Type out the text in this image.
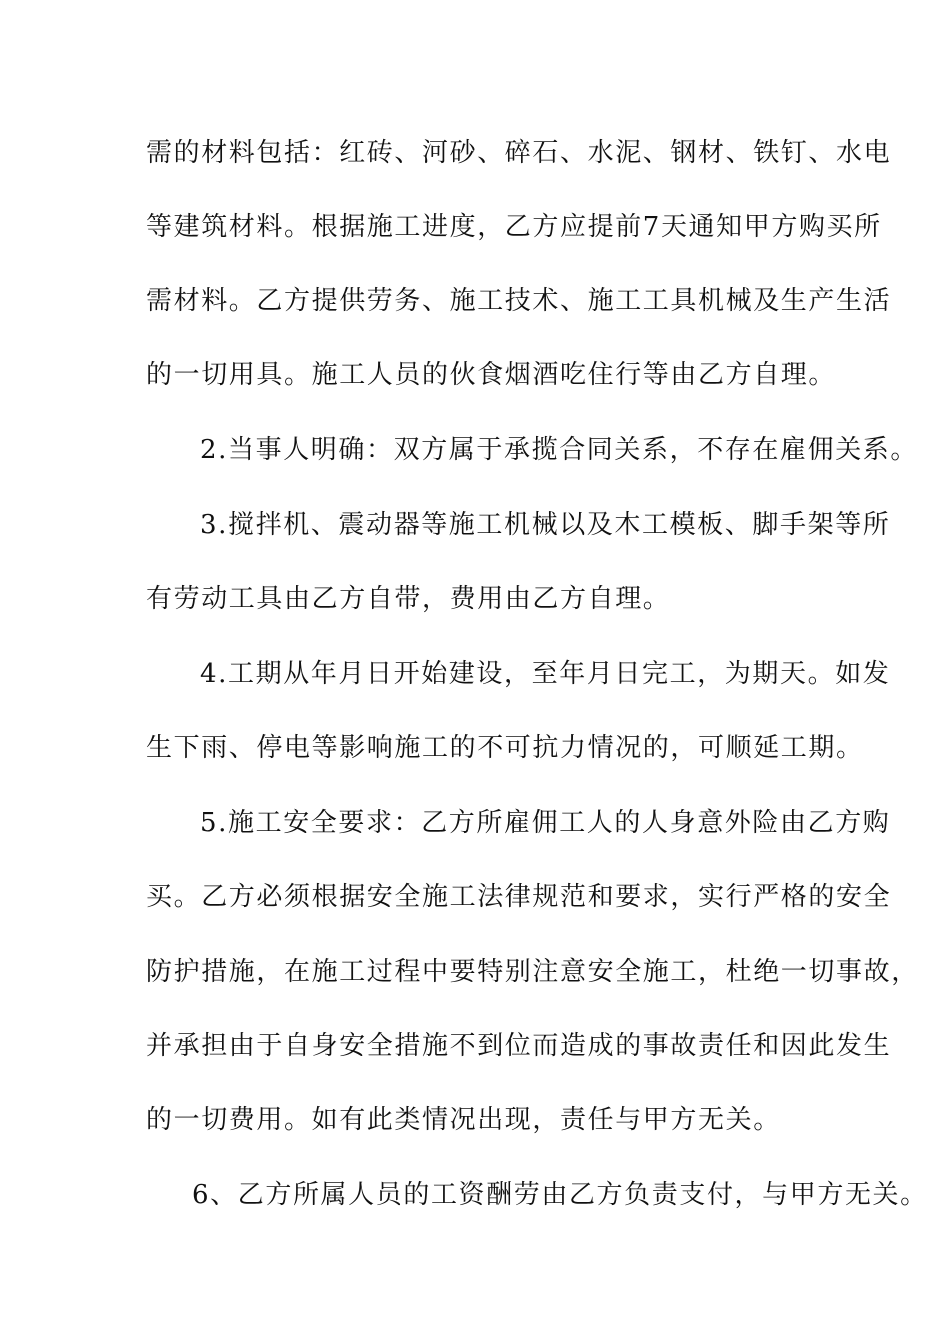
需的材料包括：红砖、河砂、碎石、水泥、钢材、铁钉、水电
等建筑材料。根据施工进度，乙方应提前7天通知甲方购买所
需材料。乙方提供劳务、施工技术、施工工具机械及生产生活
的一切用具。施工人员的伙食烟酒吃住行等由乙方自理。
2.当事人明确：双方属于承揽合同关系，不存在雇佣关系。
3.搅拌机、震动器等施工机械以及木工模板、脚手架等所
有劳动工具由乙方自带，费用由乙方自理。
4.工期从年月日开始建设，至年月日完工，为期天。如发
生下雨、停电等影响施工的不可抗力情况的，可顺延工期。
5.施工安全要求：乙方所雇佣工人的人身意外险由乙方购
买。乙方必须根据安全施工法律规范和要求，实行严格的安全
防护措施，在施工过程中要特别注意安全施工，杜绝一切事故，
并承担由于自身安全措施不到位而造成的事故责任和因此发生
的一切费用。如有此类情况出现，责任与甲方无关。
6、乙方所属人员的工资酬劳由乙方负责支付，与甲方无关。
